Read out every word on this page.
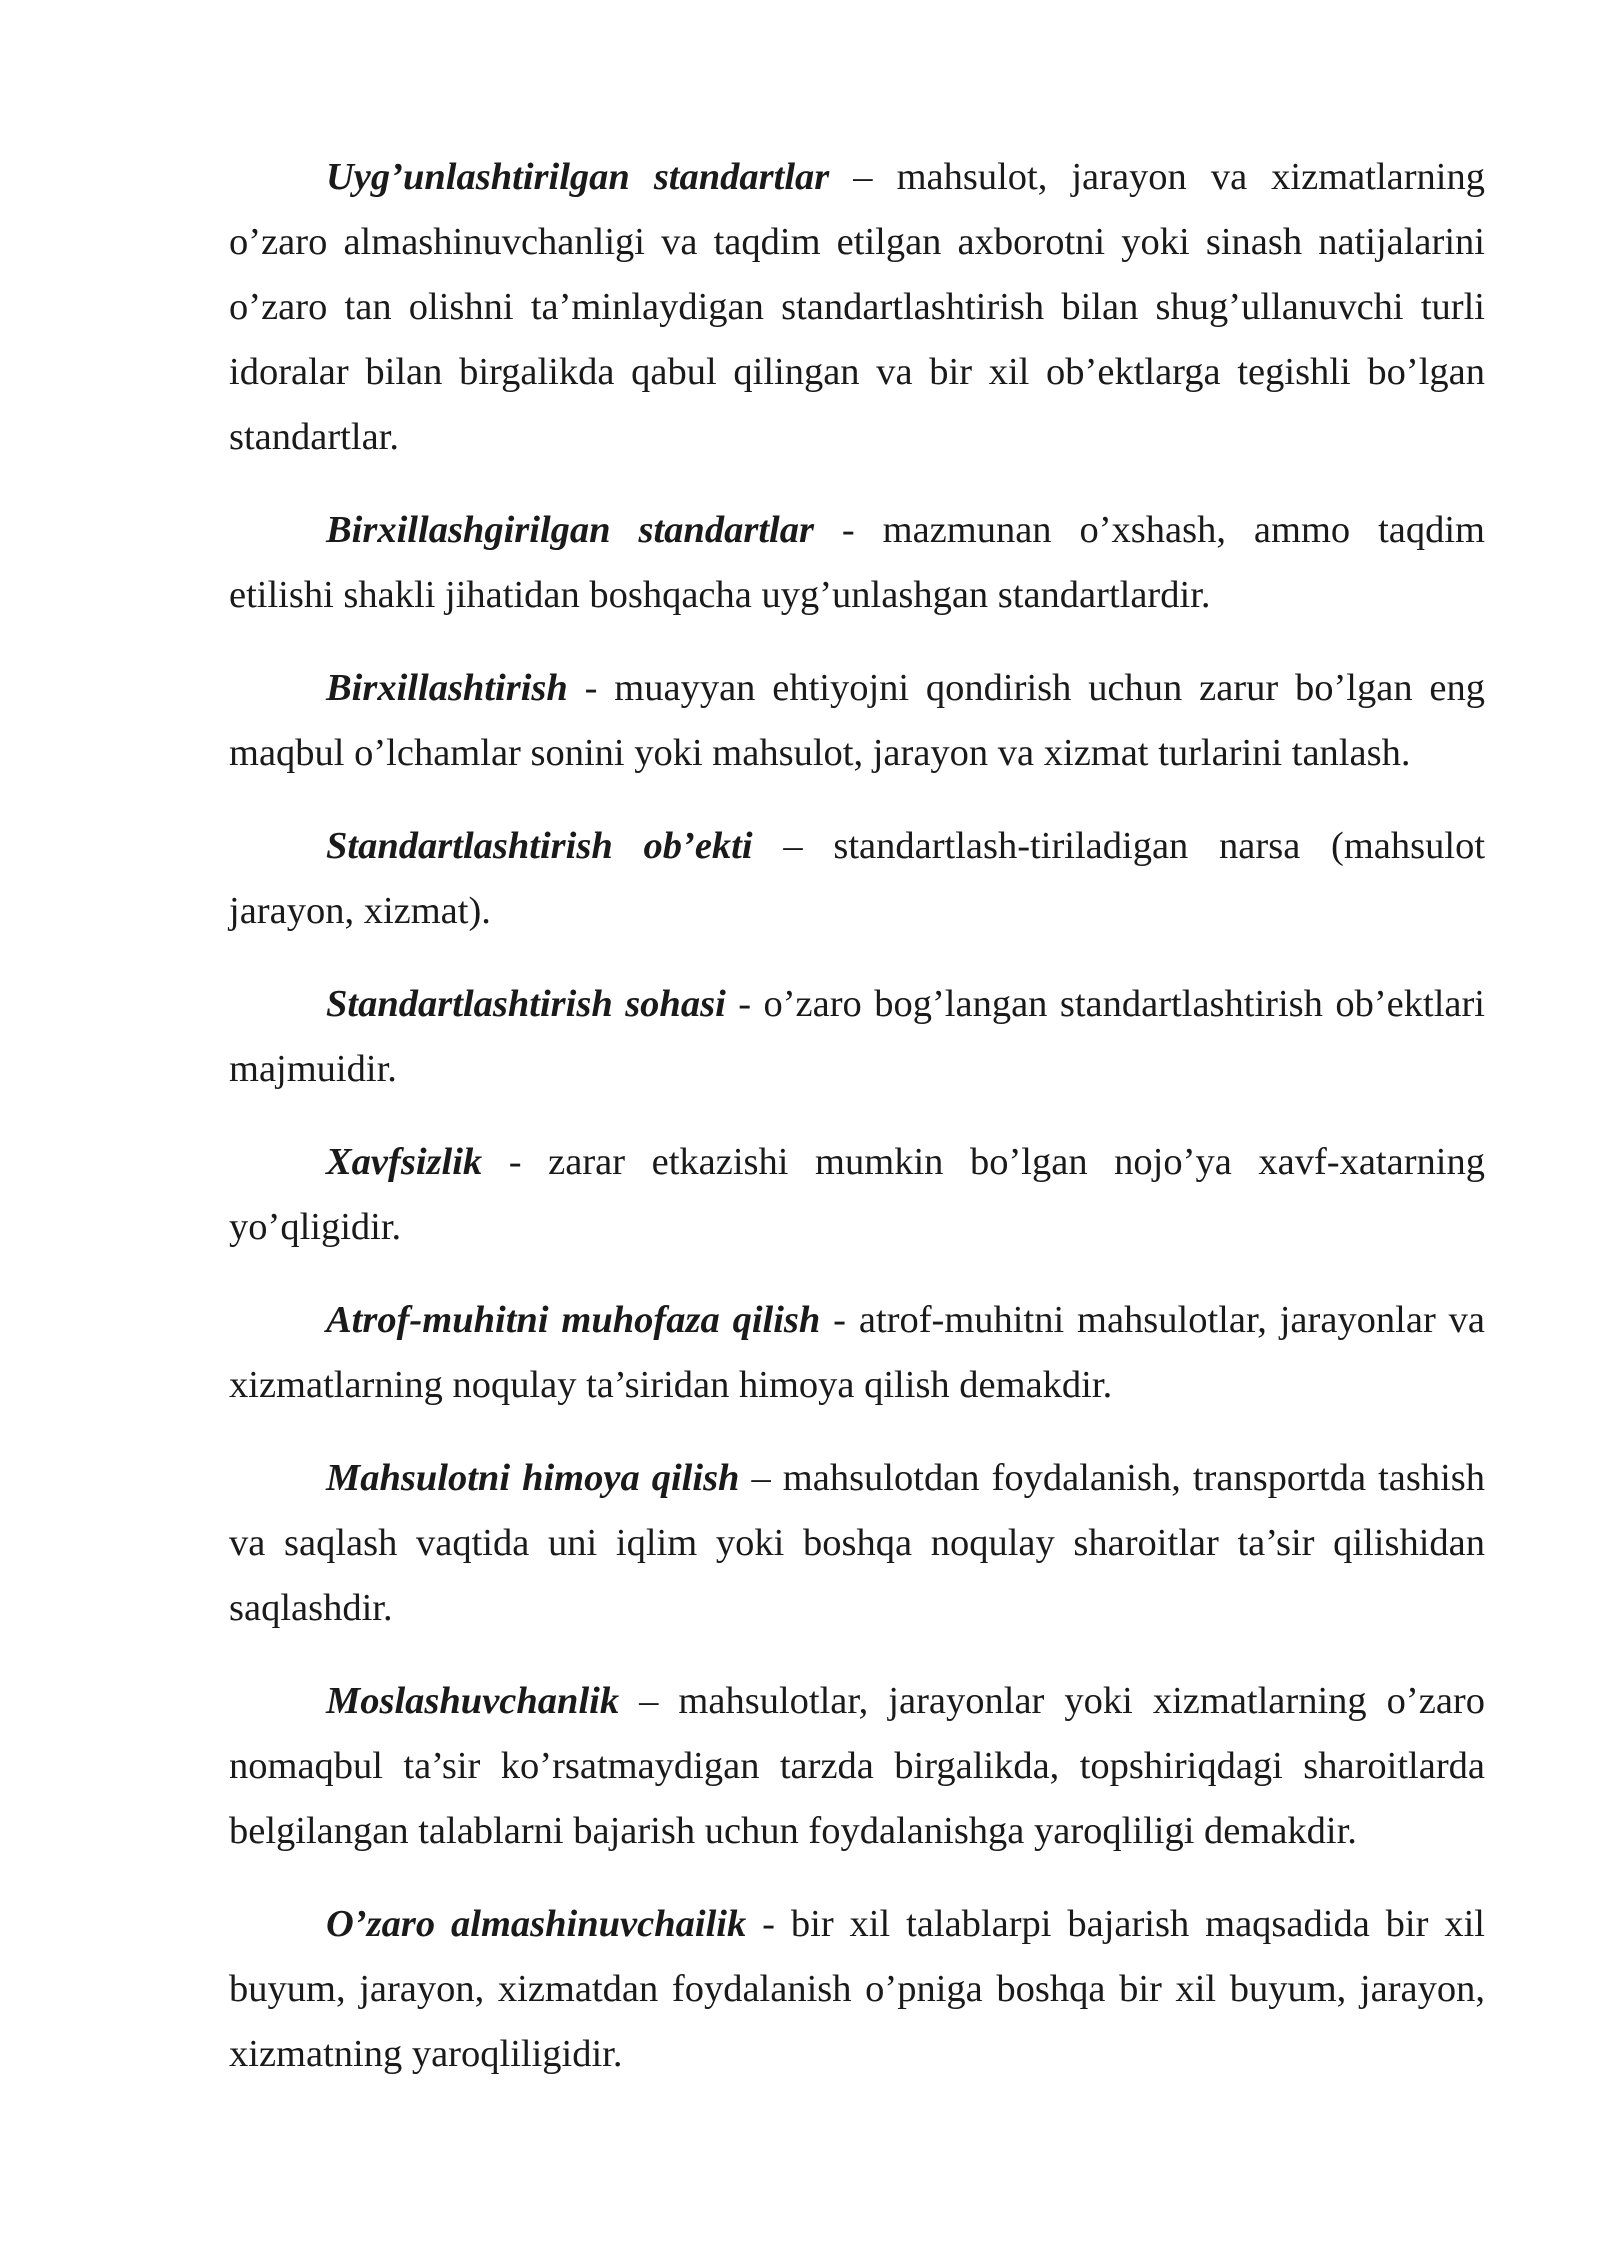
Uyg’unlashtirilgan standartlar – mahsulot, jarayon va xizmatlarning o’zaro almashinuvchanligi va taqdim etilgan axborotni yoki sinash natijalarini o’zaro tan olishni ta’minlaydigan standartlashtirish bilan shug’ullanuvchi turli idoralar bilan birgalikda qabul qilingan va bir xil ob’ektlarga tegishli bo’lgan standartlar.

Birxillashgirilgan standartlar - mazmunan o’xshash, ammo taqdim etilishi shakli jihatidan boshqacha uyg’unlashgan standartlardir.

Birxillashtirish - muayyan ehtiyojni qondirish uchun zarur bo’lgan eng maqbul o’lchamlar sonini yoki mahsulot, jarayon va xizmat turlarini tanlash.

Standartlashtirish ob’ekti – standartlash-tiriladigan narsa (mahsulot jarayon, xizmat).

Standartlashtirish sohasi - o’zaro bog’langan standartlashtirish ob’ektlari majmuidir.

Xavfsizlik - zarar etkazishi mumkin bo’lgan nojo’ya xavf-xatarning yo’qligidir.

Atrof-muhitni muhofaza qilish - atrof-muhitni mahsulotlar, jarayonlar va xizmatlarning noqulay ta’siridan himoya qilish demakdir.

Mahsulotni himoya qilish – mahsulotdan foydalanish, transportda tashish va saqlash vaqtida uni iqlim yoki boshqa noqulay sharoitlar ta’sir qilishidan saqlashdir.

Moslashuvchanlik – mahsulotlar, jarayonlar yoki xizmatlarning o’zaro nomaqbul ta’sir ko’rsatmaydigan tarzda birgalikda, topshiriqdagi sharoitlarda belgilangan talablarni bajarish uchun foydalanishga yaroqliligi demakdir.

O’zaro almashinuvchailik - bir xil talablarpi bajarish maqsadida bir xil buyum, jarayon, xizmatdan foydalanish o’pniga boshqa bir xil buyum, jarayon, xizmatning yaroqliligidir.
